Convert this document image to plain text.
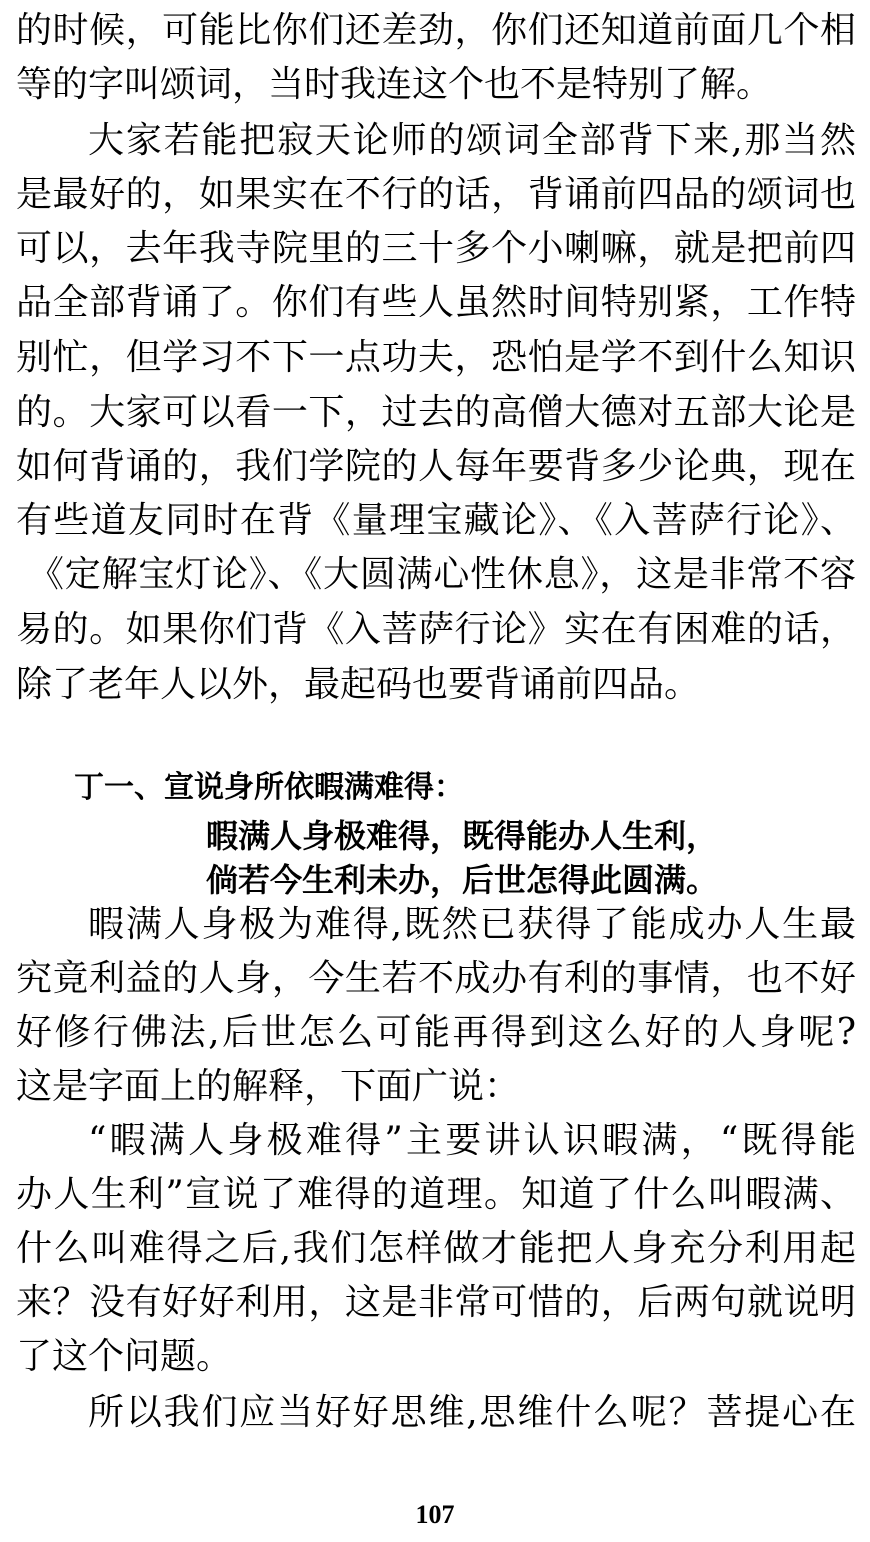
的时候，可能比你们还差劲，你们还知道前面几个相
等的字叫颂词，当时我连这个也不是特别了解。
大家若能把寂天论师的颂词全部背下来,那当然
是最好的，如果实在不行的话，背诵前四品的颂词也
可以，去年我寺院里的三十多个小喇嘛，就是把前四
品全部背诵了。你们有些人虽然时间特别紧，工作特
别忙，但学习不下一点功夫，恐怕是学不到什么知识
的。大家可以看一下，过去的高僧大德对五部大论是
如何背诵的，我们学院的人每年要背多少论典，现在
有些道友同时在背《量理宝藏论》、《入菩萨行论》、
《定解宝灯论》、《大圆满心性休息》，这是非常不容
易的。如果你们背《入菩萨行论》实在有困难的话，
除了老年人以外，最起码也要背诵前四品。
丁一、宣说身所依暇满难得：
暇满人身极难得，既得能办人生利，
倘若今生利未办，后世怎得此圆满。
暇满人身极为难得,既然已获得了能成办人生最
究竟利益的人身，今生若不成办有利的事情，也不好
好修行佛法,后世怎么可能再得到这么好的人身呢?
这是字面上的解释，下面广说：
“暇满人身极难得”主要讲认识暇满，“既得能
办人生利”宣说了难得的道理。知道了什么叫暇满、
什么叫难得之后,我们怎样做才能把人身充分利用起
来？没有好好利用，这是非常可惜的，后两句就说明
了这个问题。
所以我们应当好好思维,思维什么呢？菩提心在
107
